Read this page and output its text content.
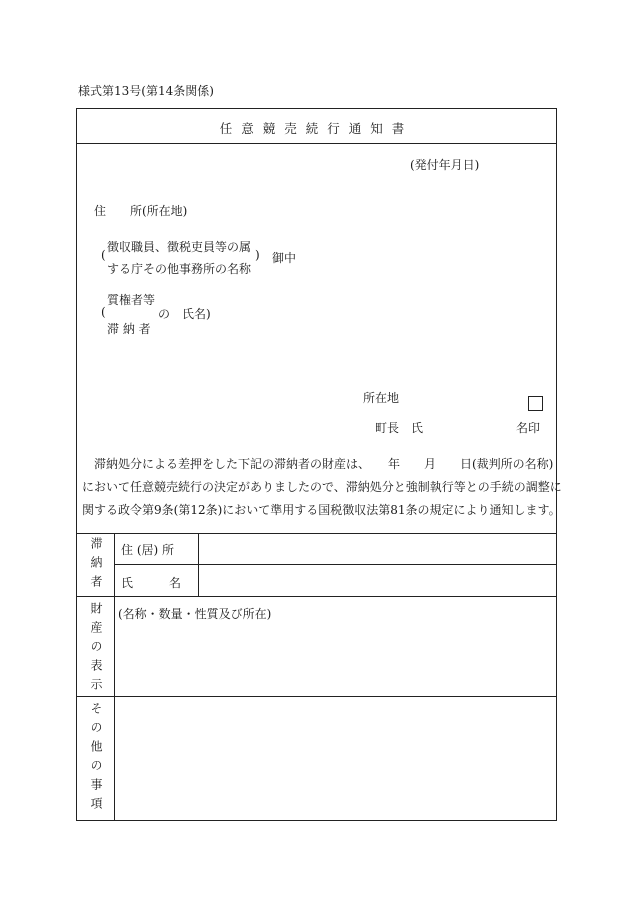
様式第13号(第14条関係)
任意競売続行通知書
(発付年月日)
住　　所(所在地)
徴収職員、徴税吏員等の属
(	)
する庁その他事務所の名称
御中
質権者等
(	の　氏名)
滞 納 者
所在地
町長　氏	名印
滞納処分による差押をした下記の滞納者の財産は、　　年　　月　　日(裁判所の名称)
において任意競売続行の決定がありましたので、滞納処分と強制執行等との手続の調整に
関する政令第9条(第12条)において準用する国税徴収法第81条の規定により通知します。
滞納者 住 (居) 所
氏　　　名
財産の表示 (名称・数量・性質及び所在)
その他の事項
